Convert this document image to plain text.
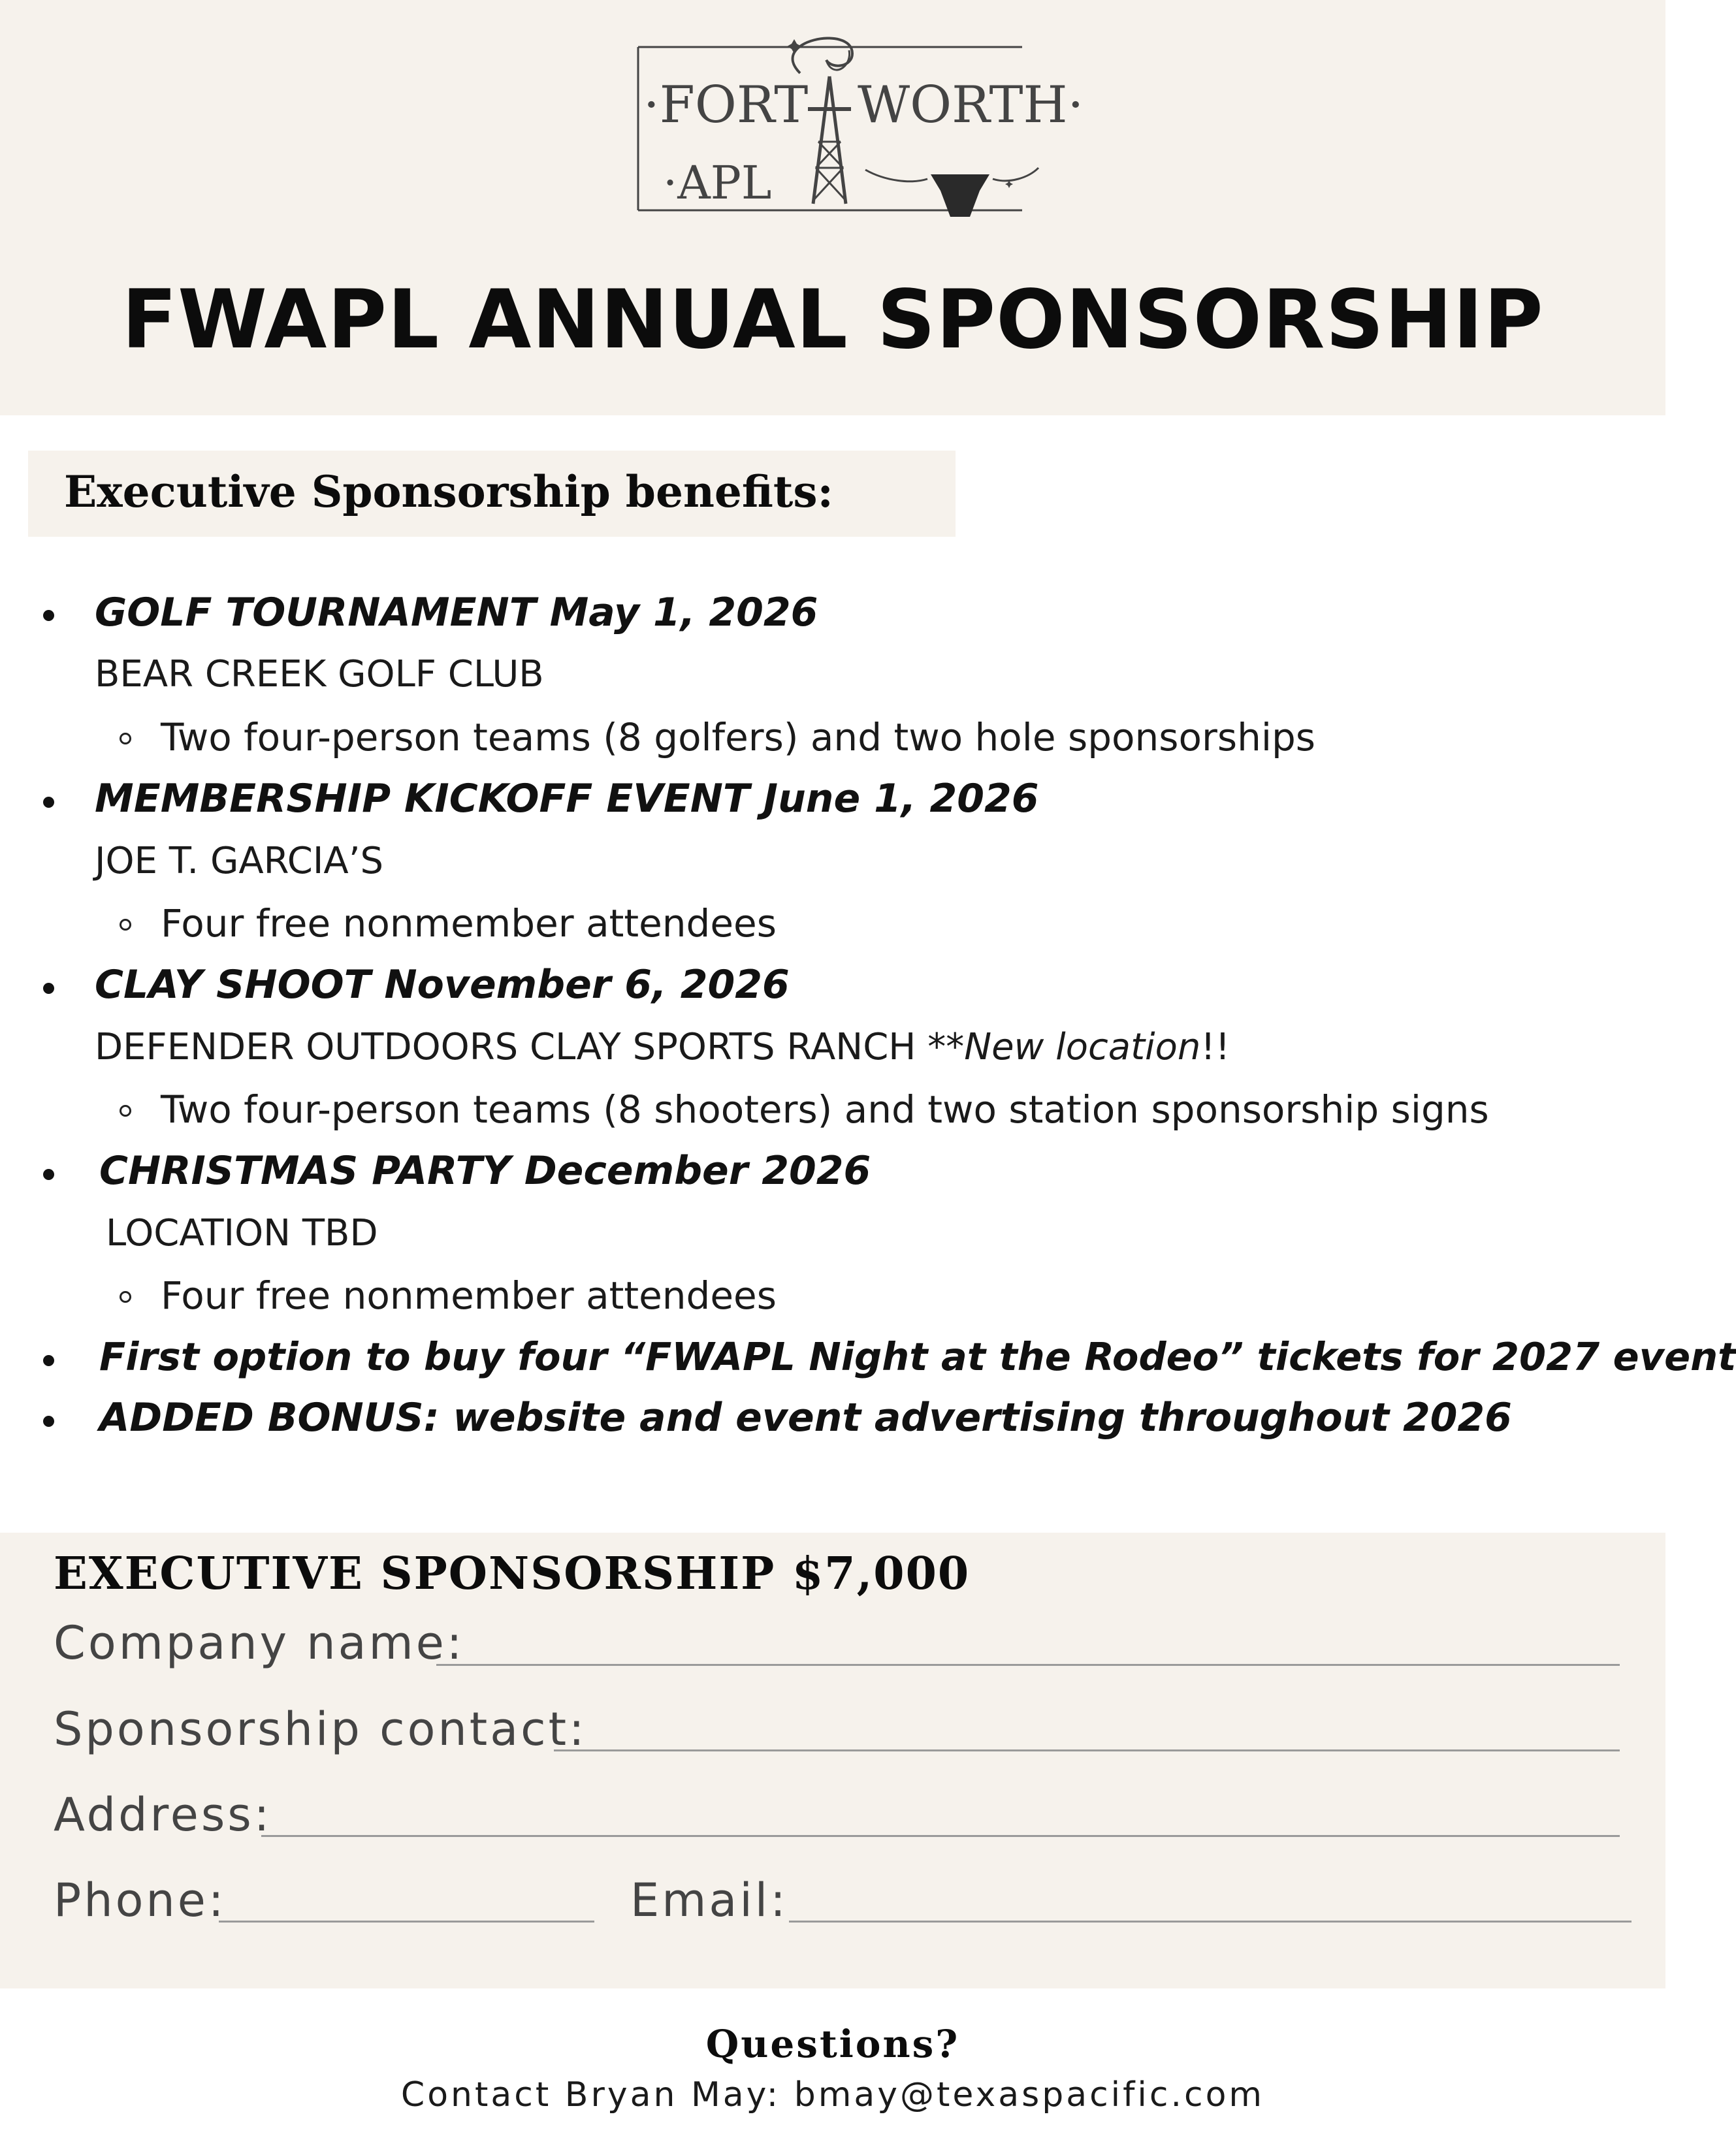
·FORT WORTH·
·APL
FWAPL ANNUAL SPONSORSHIP
Executive Sponsorship benefits:
GOLF TOURNAMENT May 1, 2026
BEAR CREEK GOLF CLUB
Two four-person teams (8 golfers) and two hole sponsorships
MEMBERSHIP KICKOFF EVENT June 1, 2026
JOE T. GARCIA’S
Four free nonmember attendees
CLAY SHOOT November 6, 2026
DEFENDER OUTDOORS CLAY SPORTS RANCH **New location!!
Two four-person teams (8 shooters) and two station sponsorship signs
CHRISTMAS PARTY December 2026
LOCATION TBD
Four free nonmember attendees
First option to buy four “FWAPL Night at the Rodeo” tickets for 2027 event
ADDED BONUS: website and event advertising throughout 2026
EXECUTIVE SPONSORSHIP $7,000
Company name:
Sponsorship contact:
Address:
Phone:	Email:
Questions?
Contact Bryan May: bmay@texaspacific.com
